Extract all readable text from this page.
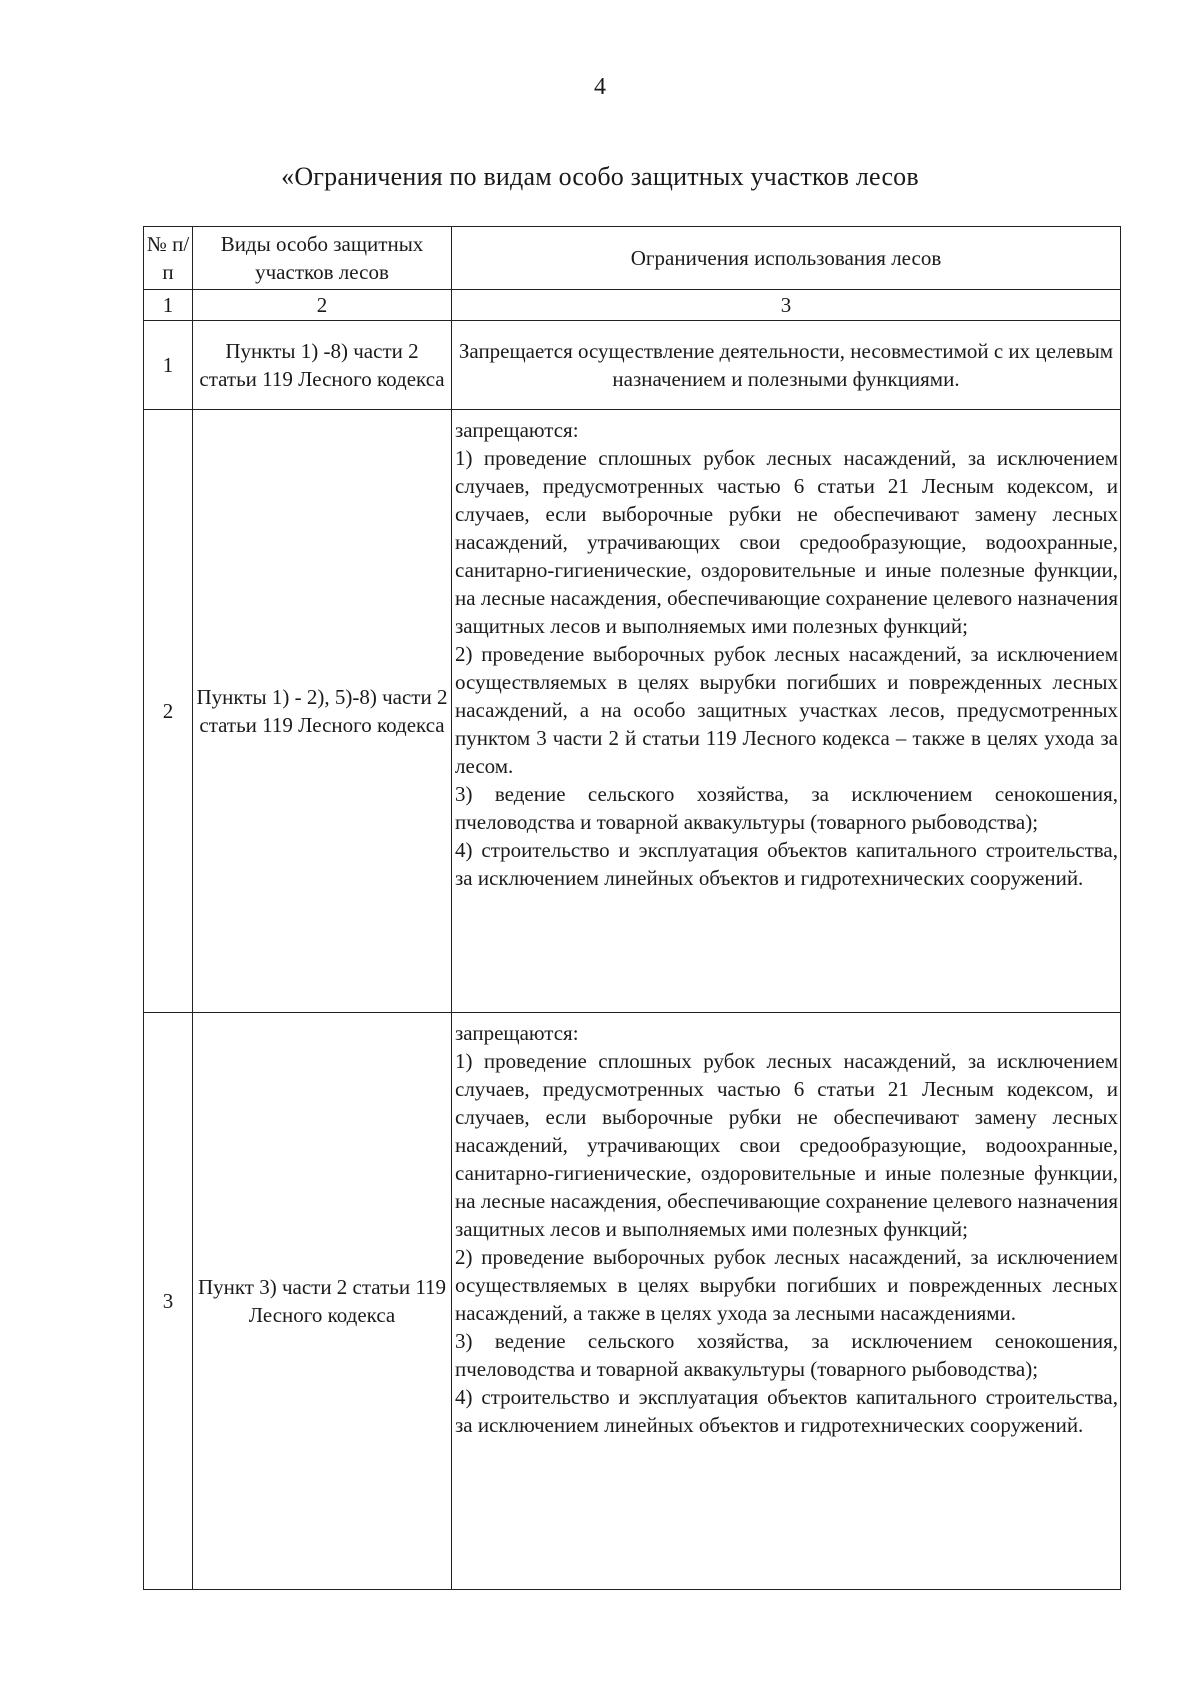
4
«Ограничения по видам особо защитных участков лесов
№ п/п	Виды особо защитных участков лесов	Ограничения использования лесов
1	2	3
1	Пункты 1) -8) части 2 статьи 119 Лесного кодекса	Запрещается осуществление деятельности, несовместимой с их целевым назначением и полезными функциями.
2	Пункты 1) - 2), 5)-8) части 2 статьи 119 Лесного кодекса	запрещаются:

1) проведение сплошных рубок лесных насаждений, за исключением случаев, предусмотренных частью 6 статьи 21 Лесным кодексом, и случаев, если выборочные рубки не обеспечивают замену лесных насаждений, утрачивающих свои средообразующие, водоохранные, санитарно-гигиенические, оздоровительные и иные полезные функции, на лесные насаждения, обеспечивающие сохранение целевого назначения защитных лесов и выполняемых ими полезных функций;

2) проведение выборочных рубок лесных насаждений, за исключением осуществляемых в целях вырубки погибших и поврежденных лесных насаждений, а на особо защитных участках лесов, предусмотренных пунктом 3 части 2 й статьи 119 Лесного кодекса – также в целях ухода за лесом.

3) ведение сельского хозяйства, за исключением сенокошения, пчеловодства и товарной аквакультуры (товарного рыбоводства);

4) строительство и эксплуатация объектов капитального строительства, за исключением линейных объектов и гидротехнических сооружений.

3	Пункт 3) части 2 статьи 119 Лесного кодекса	запрещаются:

1) проведение сплошных рубок лесных насаждений, за исключением случаев, предусмотренных частью 6 статьи 21 Лесным кодексом, и случаев, если выборочные рубки не обеспечивают замену лесных насаждений, утрачивающих свои средообразующие, водоохранные, санитарно-гигиенические, оздоровительные и иные полезные функции, на лесные насаждения, обеспечивающие сохранение целевого назначения защитных лесов и выполняемых ими полезных функций;

2) проведение выборочных рубок лесных насаждений, за исключением осуществляемых в целях вырубки погибших и поврежденных лесных насаждений, а также в целях ухода за лесными насаждениями.

3) ведение сельского хозяйства, за исключением сенокошения, пчеловодства и товарной аквакультуры (товарного рыбоводства);

4) строительство и эксплуатация объектов капитального строительства, за исключением линейных объектов и гидротехнических сооружений.
